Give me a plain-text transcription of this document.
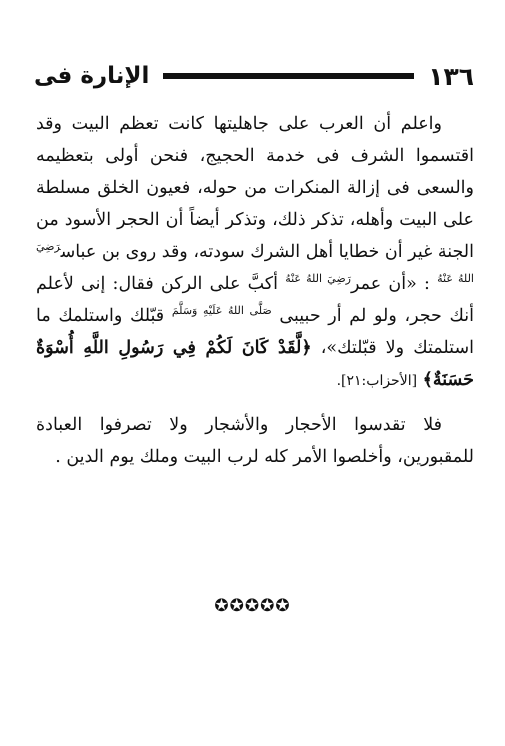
١٣٦
الإنارة فى

واعلم أن العرب على جاهليتها كانت تعظم البيت وقد اقتسموا الشرف فى خدمة الحجيج، فنحن أولى بتعظيمه والسعى فى إزالة المنكرات من حوله، فعيون الخلق مسلطة على البيت وأهله، تذكر ذلك، وتذكر أيضاً أن الحجر الأسود من الجنة غير أن خطايا أهل الشرك سودته، وقد روى بن عباس$^{رَضِيَ اللهُ عَنْهُ}$ : «أن عمر$^{رَضِيَ اللهُ عَنْهُ}$ أكبَّ على الركن فقال: إنى لأعلم أنك حجر، ولو لم أر حبيبى $^{صَلَّى اللهُ عَلَيْهِ وَسَلَّمَ}$ قبّلك واستلمك ما استلمتك ولا قبّلتك»، ﴿لَّقَدْ كَانَ لَكُمْ فِي رَسُولِ اللَّهِ أُسْوَةٌ حَسَنَةٌ﴾ [الأحزاب:٢١].

فلا تقدسوا الأحجار والأشجار ولا تصرفوا العبادة للمقبورين، وأخلصوا الأمر كله لرب البيت وملك يوم الدين .

✪✪✪✪✪
